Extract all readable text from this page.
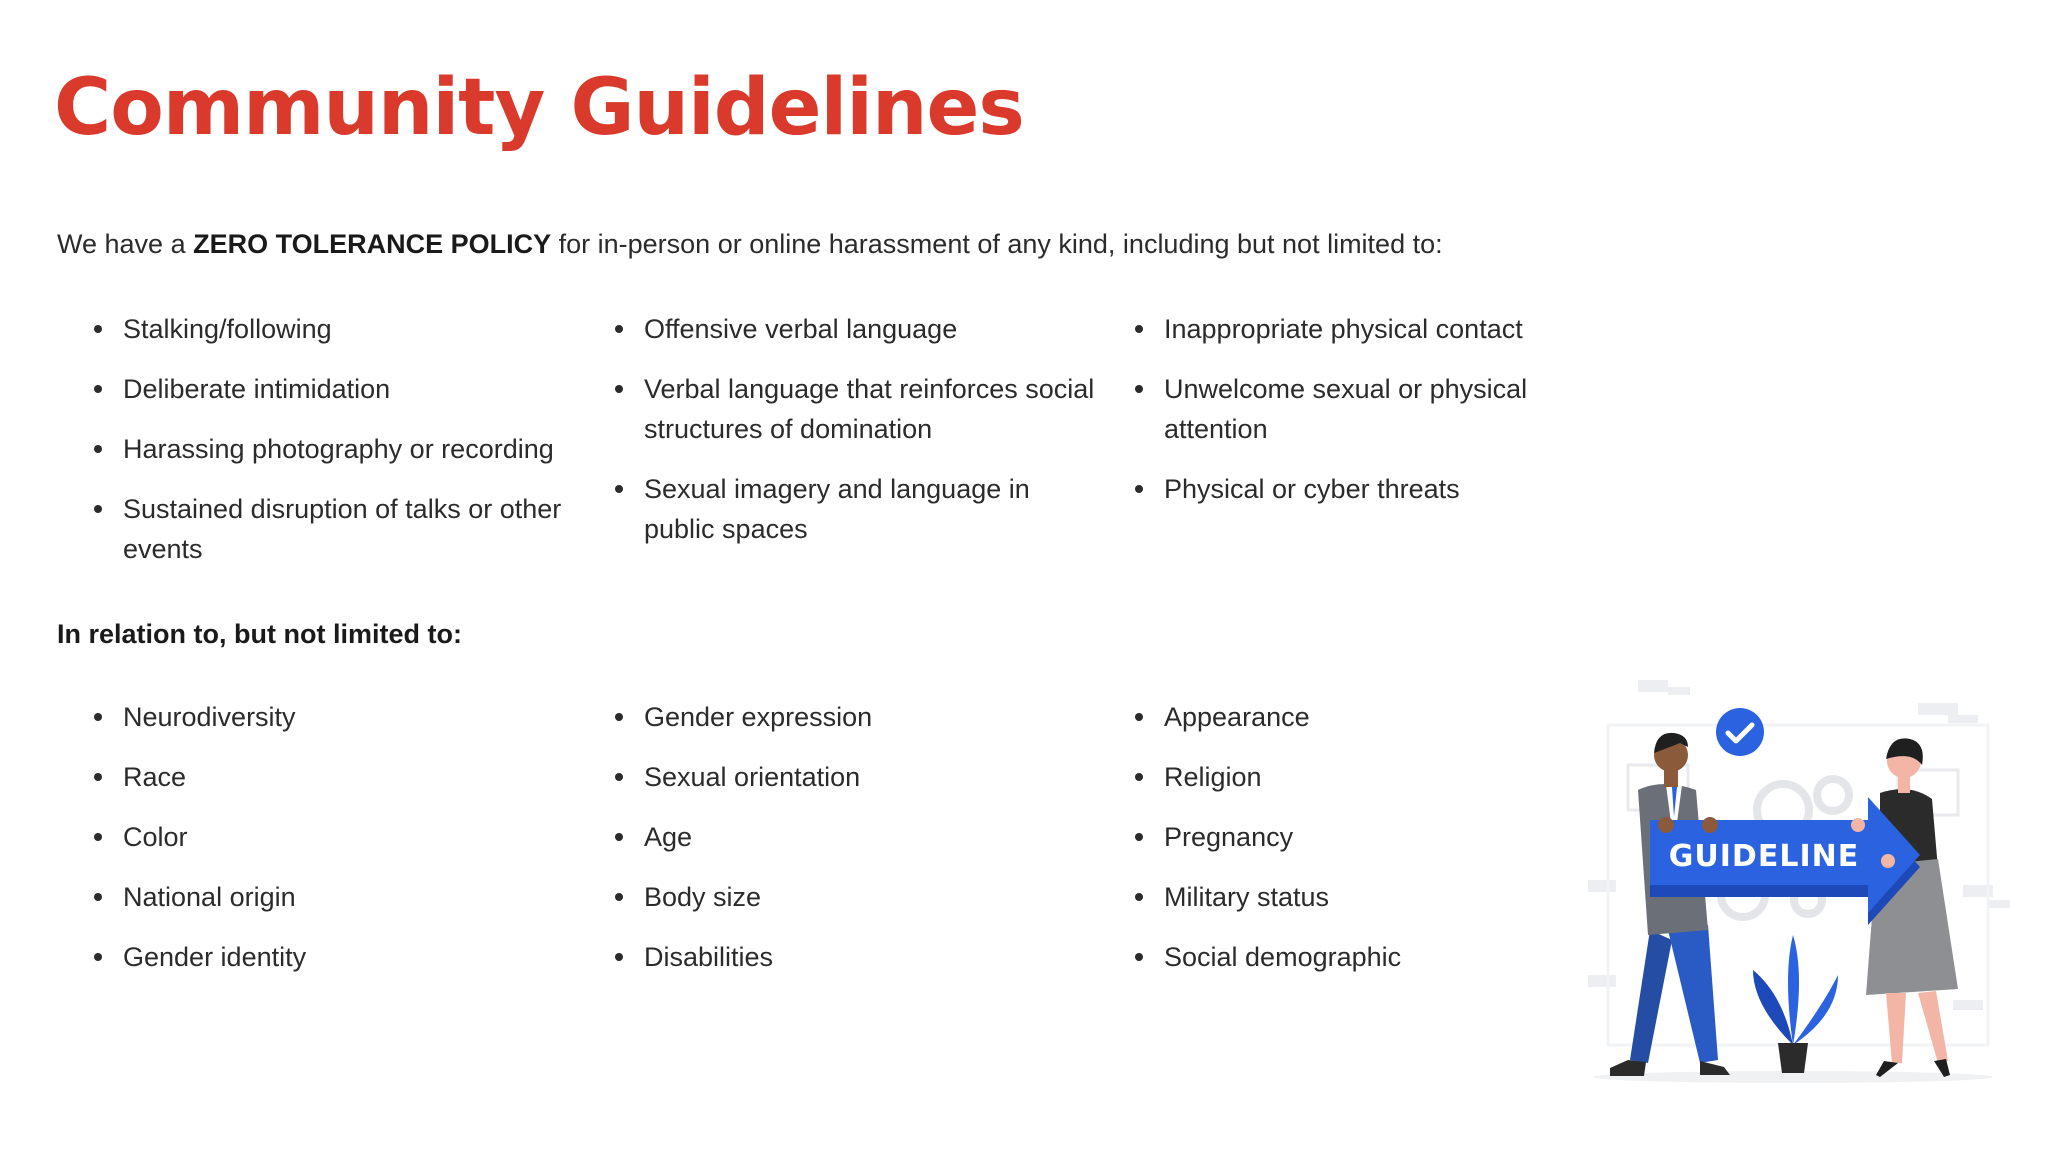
Community Guidelines

We have a ZERO TOLERANCE POLICY for in-person or online harassment of any kind, including but not limited to:

Stalking/following
Deliberate intimidation
Harassing photography or recording
Sustained disruption of talks or other events
Offensive verbal language
Verbal language that reinforces social structures of domination
Sexual imagery and language in public spaces
Inappropriate physical contact
Unwelcome sexual or physical attention
Physical or cyber threats
In relation to, but not limited to:
Neurodiversity
Race
Color
National origin
Gender identity
Gender expression
Sexual orientation
Age
Body size
Disabilities
Appearance
Religion
Pregnancy
Military status
Social demographic
GUIDELINE
